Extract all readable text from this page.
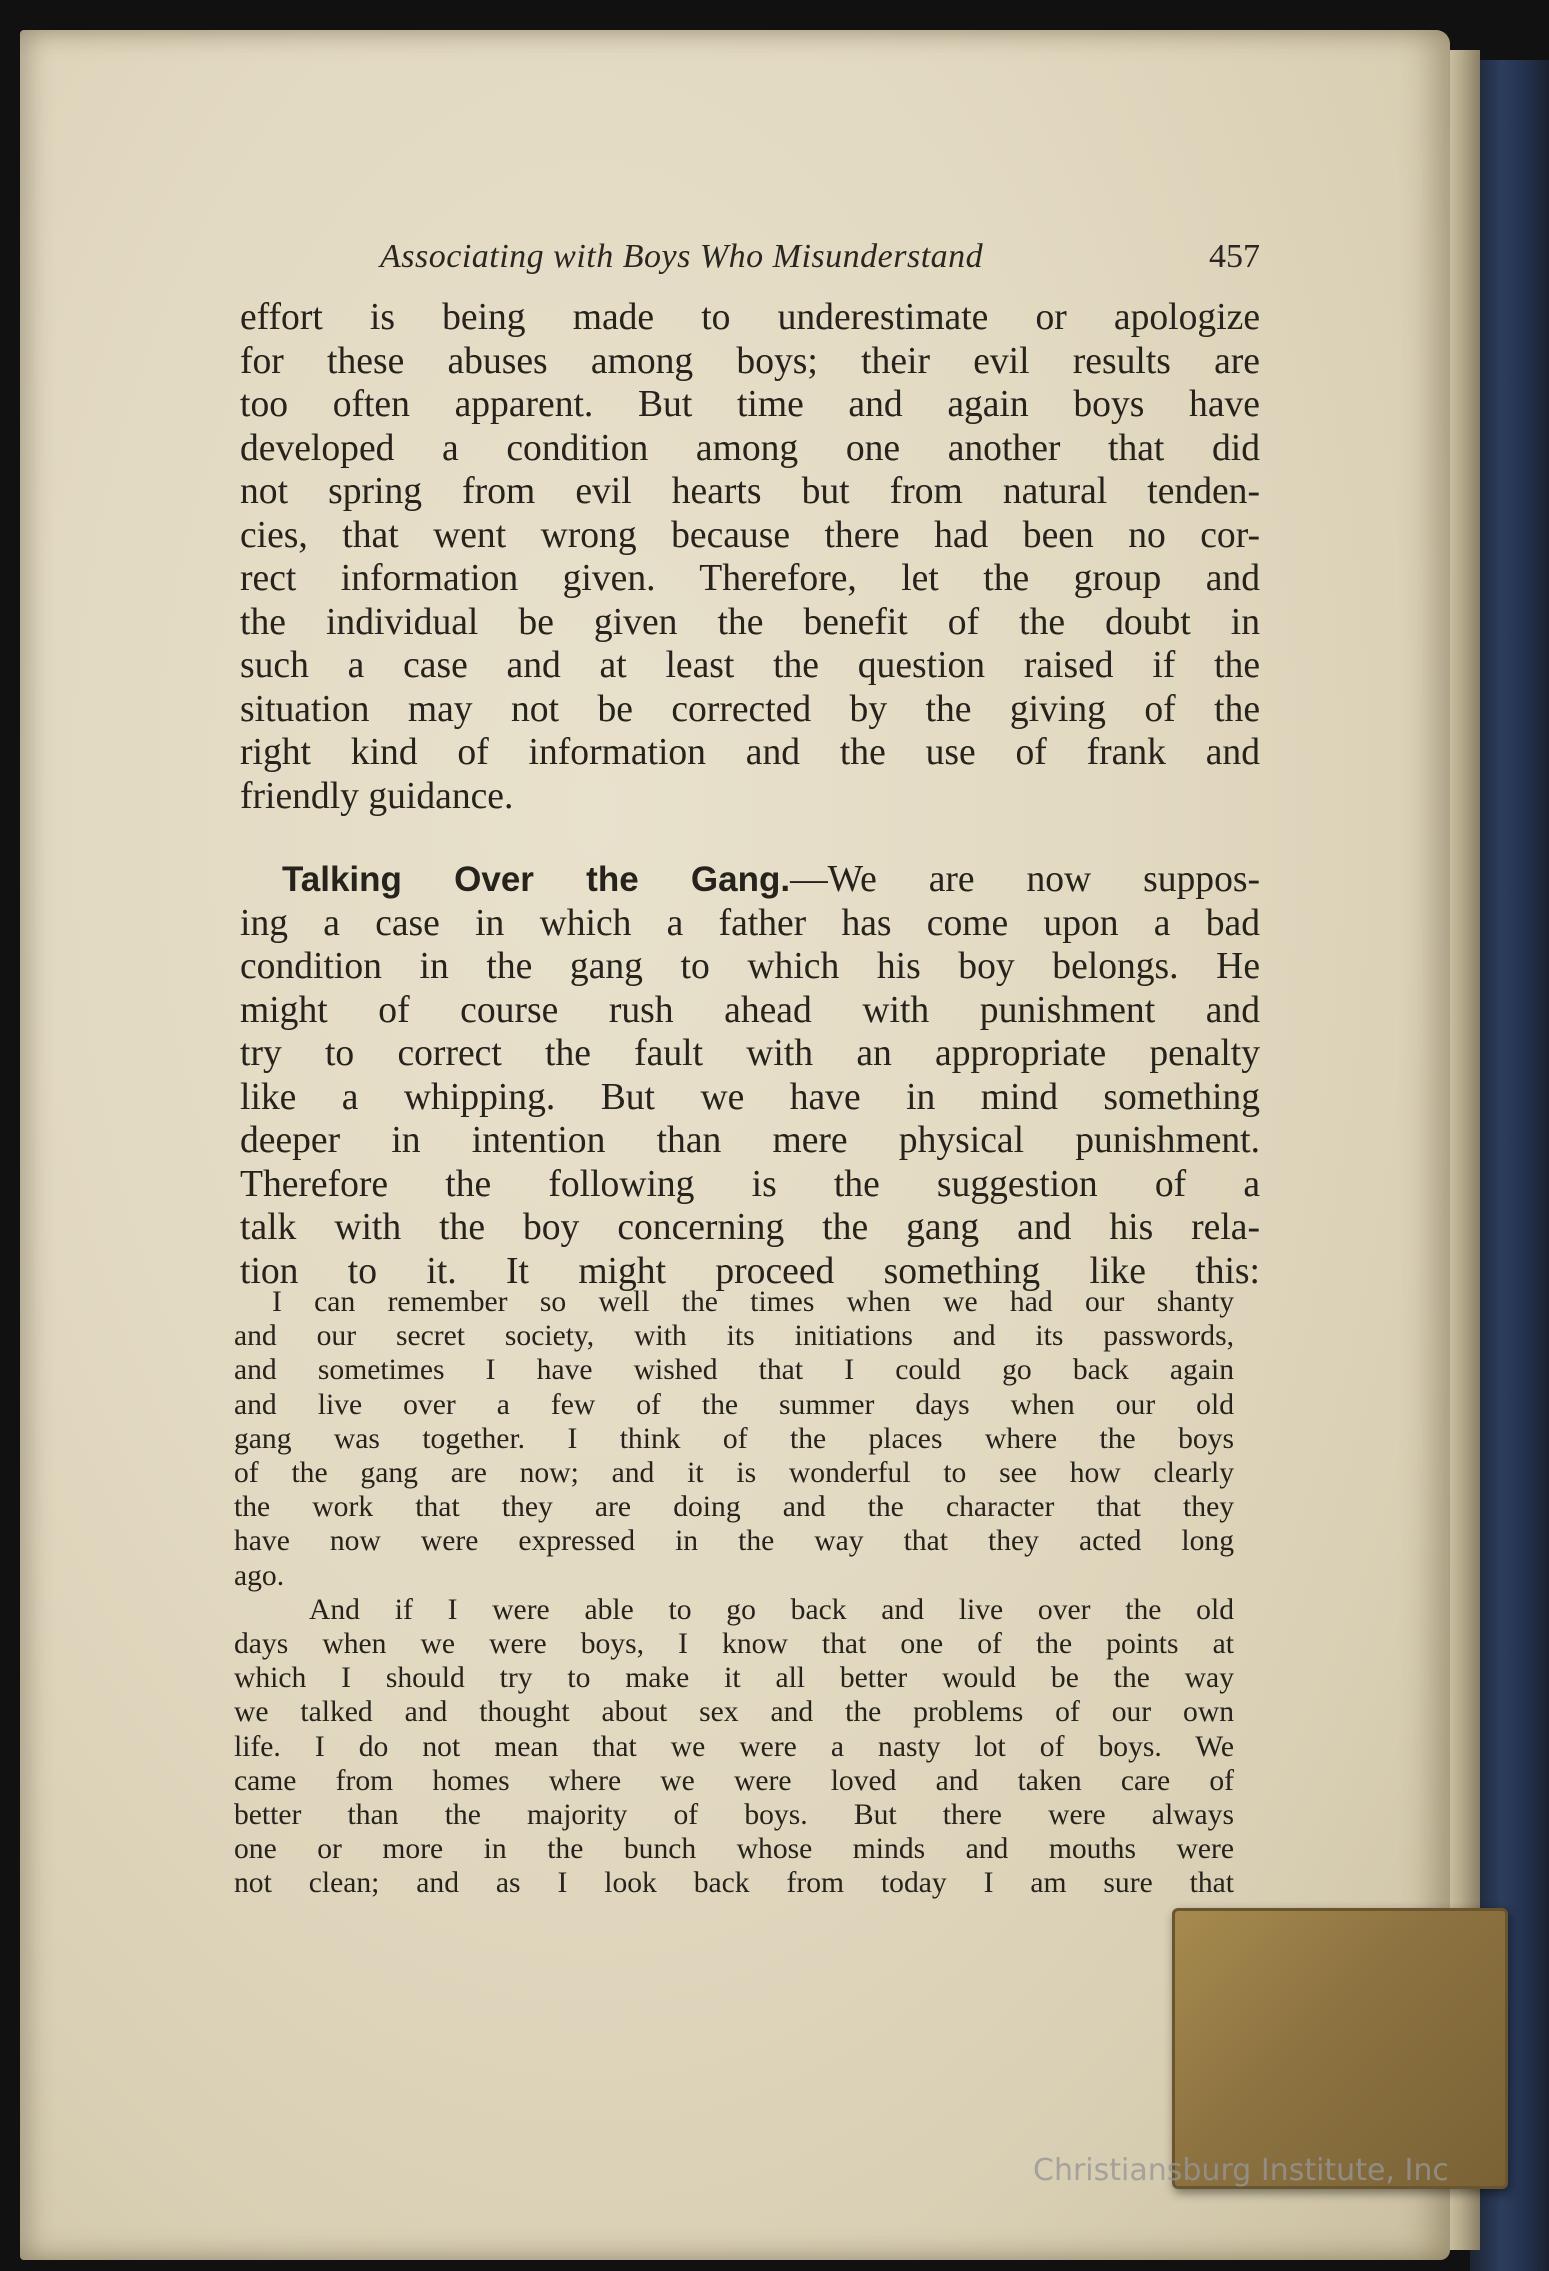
Associating with Boys Who Misunderstand	457

effort is being made to underestimate or apologize
for these abuses among boys; their evil results are
too often apparent. But time and again boys have
developed a condition among one another that did
not spring from evil hearts but from natural tenden-
cies, that went wrong because there had been no cor-
rect information given. Therefore, let the group and
the individual be given the benefit of the doubt in
such a case and at least the question raised if the
situation may not be corrected by the giving of the
right kind of information and the use of frank and
friendly guidance.

Talking Over the Gang.—We are now suppos-
ing a case in which a father has come upon a bad
condition in the gang to which his boy belongs. He
might of course rush ahead with punishment and
try to correct the fault with an appropriate penalty
like a whipping. But we have in mind something
deeper in intention than mere physical punishment.
Therefore the following is the suggestion of a
talk with the boy concerning the gang and his rela-
tion to it. It might proceed something like this:

I can remember so well the times when we had our shanty
and our secret society, with its initiations and its passwords,
and sometimes I have wished that I could go back again
and live over a few of the summer days when our old
gang was together. I think of the places where the boys
of the gang are now; and it is wonderful to see how clearly
the work that they are doing and the character that they
have now were expressed in the way that they acted long
ago.

And if I were able to go back and live over the old
days when we were boys, I know that one of the points at
which I should try to make it all better would be the way
we talked and thought about sex and the problems of our own
life. I do not mean that we were a nasty lot of boys. We
came from homes where we were loved and taken care of
better than the majority of boys. But there were always
one or more in the bunch whose minds and mouths were
not clean; and as I look back from today I am sure that

Christiansburg Institute, Inc
